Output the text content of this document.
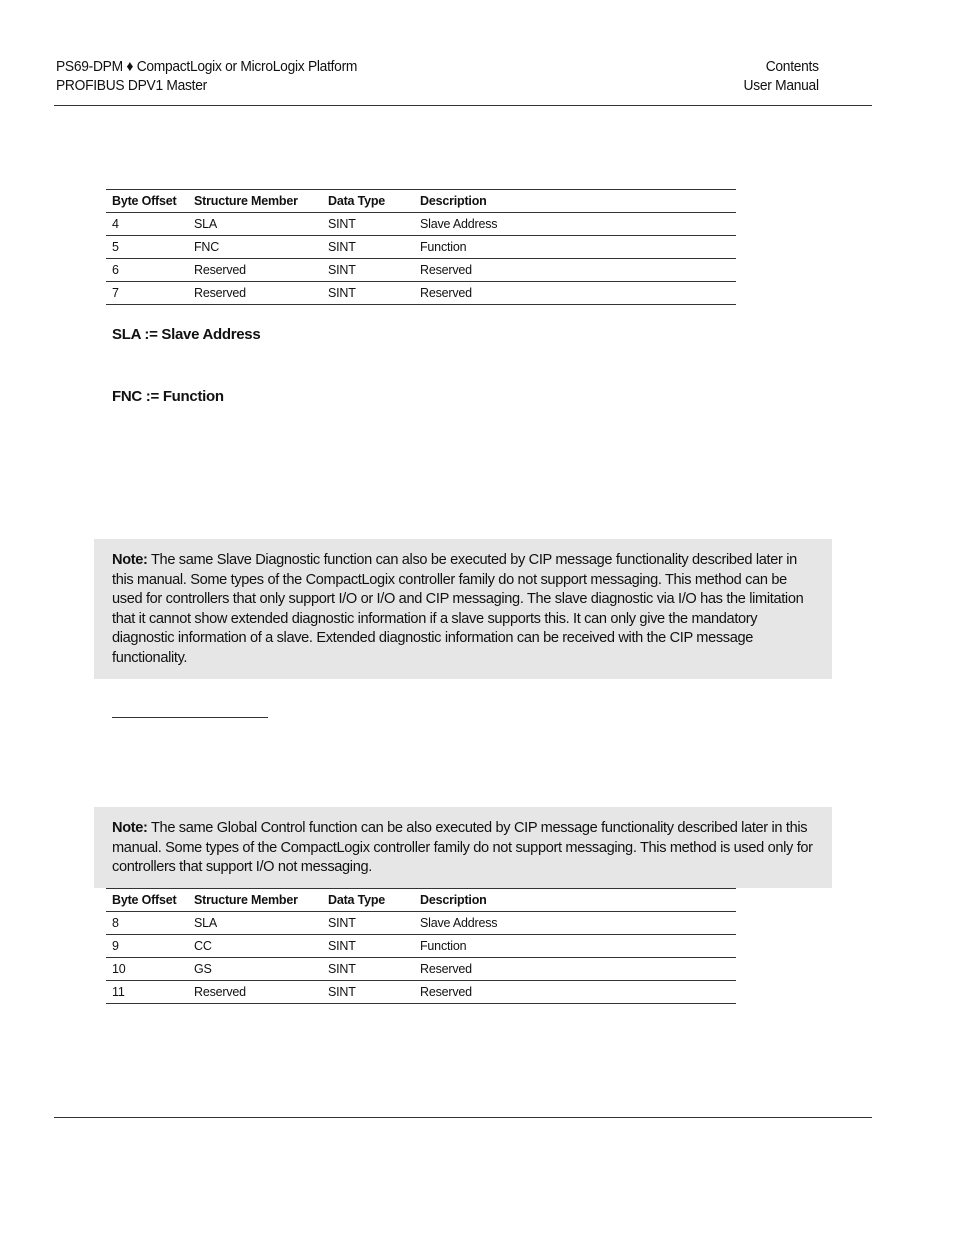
PS69-DPM ♦ CompactLogix or MicroLogix Platform
PROFIBUS DPV1 Master
Contents
User Manual
Byte Offset	Structure Member	Data Type	Description
4	SLA	SINT	Slave Address
5	FNC	SINT	Function
6	Reserved	SINT	Reserved
7	Reserved	SINT	Reserved
SLA := Slave Address
FNC := Function
Note: The same Slave Diagnostic function can also be executed by CIP message functionality described later in this manual. Some types of the CompactLogix controller family do not support messaging. This method can be used for controllers that only support I/O or I/O and CIP messaging. The slave diagnostic via I/O has the limitation that it cannot show extended diagnostic information if a slave supports this. It can only give the mandatory diagnostic information of a slave. Extended diagnostic information can be received with the CIP message functionality.
Note: The same Global Control function can be also executed by CIP message functionality described later in this manual. Some types of the CompactLogix controller family do not support messaging. This method is used only for controllers that support I/O not messaging.
Byte Offset	Structure Member	Data Type	Description
8	SLA	SINT	Slave Address
9	CC	SINT	Function
10	GS	SINT	Reserved
11	Reserved	SINT	Reserved
